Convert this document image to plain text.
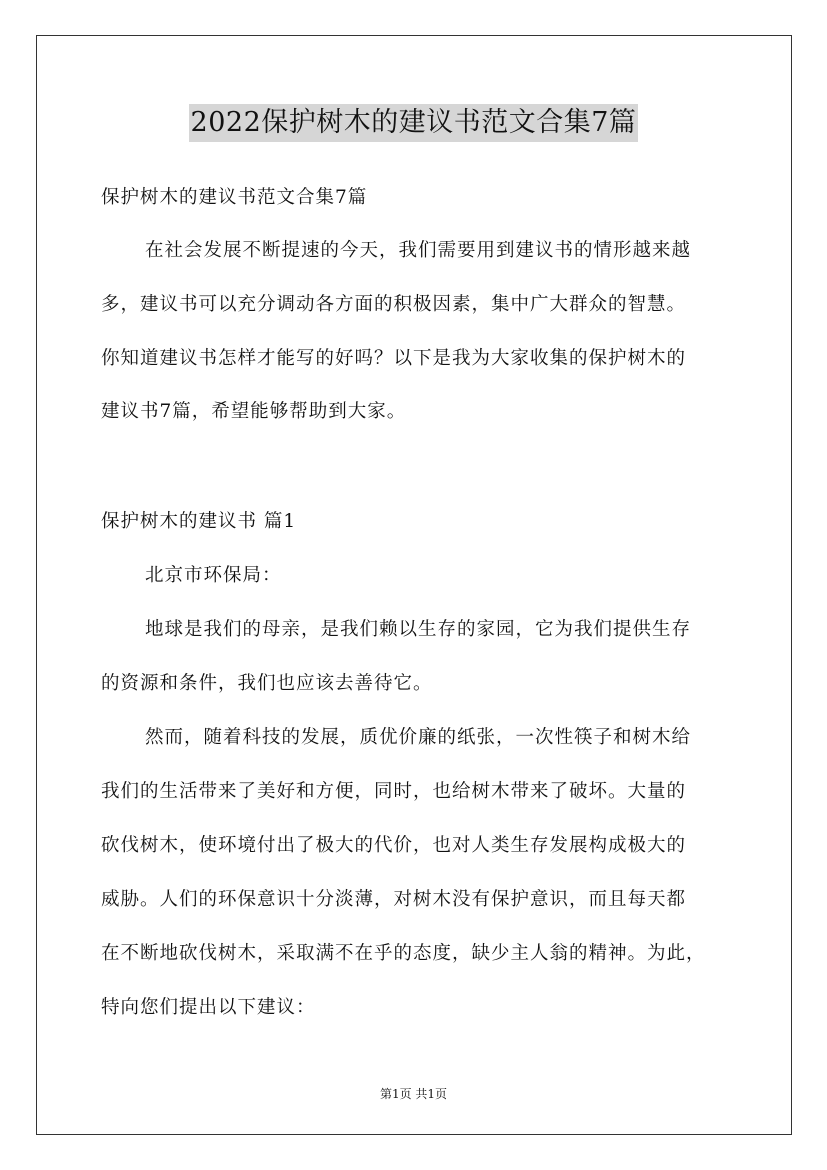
2022保护树木的建议书范文合集7篇
保护树木的建议书范文合集7篇
在社会发展不断提速的今天，我们需要用到建议书的情形越来越
多，建议书可以充分调动各方面的积极因素，集中广大群众的智慧。
你知道建议书怎样才能写的好吗？以下是我为大家收集的保护树木的
建议书7篇，希望能够帮助到大家。
保护树木的建议书 篇1
北京市环保局：
地球是我们的母亲，是我们赖以生存的家园，它为我们提供生存
的资源和条件，我们也应该去善待它。
然而，随着科技的发展，质优价廉的纸张，一次性筷子和树木给
我们的生活带来了美好和方便，同时，也给树木带来了破坏。大量的
砍伐树木，使环境付出了极大的代价，也对人类生存发展构成极大的
威胁。人们的环保意识十分淡薄，对树木没有保护意识，而且每天都
在不断地砍伐树木，采取满不在乎的态度，缺少主人翁的精神。为此，
特向您们提出以下建议：
第1页 共1页
